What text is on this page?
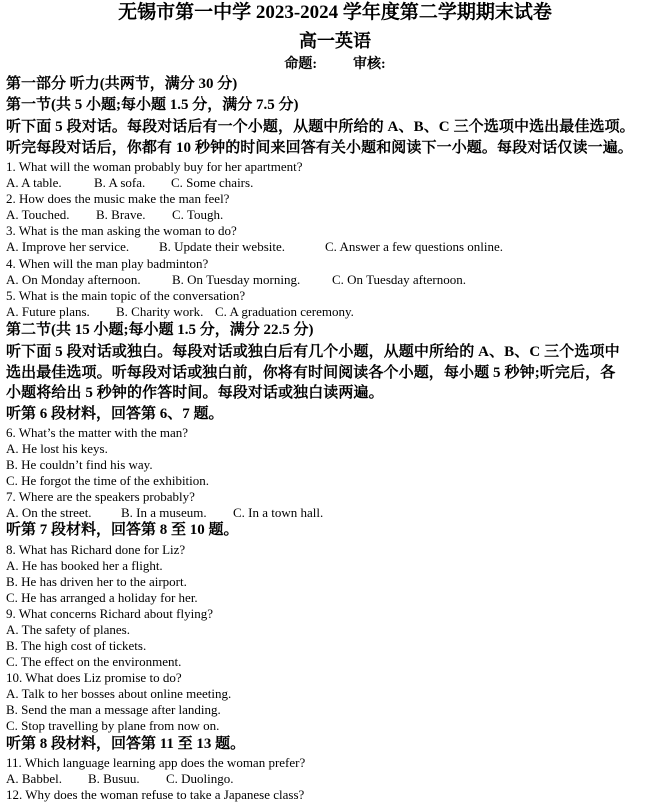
无锡市第一中学 2023-2024 学年度第二学期期末试卷
高一英语
命题:	审核:
第一部分 听力(共两节，满分 30 分)
第一节(共 5 小题;每小题 1.5 分，满分 7.5 分)
听下面 5 段对话。每段对话后有一个小题，从题中所给的 A、B、C 三个选项中选出最佳选项。
听完每段对话后，你都有 10 秒钟的时间来回答有关小题和阅读下一小题。每段对话仅读一遍。
1. What will the woman probably buy for her apartment?
A. A table. B. A sofa. C. Some chairs.
2. How does the music make the man feel?
A. Touched. B. Brave. C. Tough.
3. What is the man asking the woman to do?
A. Improve her service. B. Update their website.	C. Answer a few questions online.
4. When will the man play badminton?
A. On Monday afternoon. B. On Tuesday morning. C. On Tuesday afternoon.
5. What is the main topic of the conversation?
A. Future plans. B. Charity work. C. A graduation ceremony.
第二节(共 15 小题;每小题 1.5 分，满分 22.5 分)
听下面 5 段对话或独白。每段对话或独白后有几个小题，从题中所给的 A、B、C 三个选项中
选出最佳选项。听每段对话或独白前，你将有时间阅读各个小题，每小题 5 秒钟;听完后，各
小题将给出 5 秒钟的作答时间。每段对话或独白读两遍。
听第 6 段材料，回答第 6、7 题。
6. What’s the matter with the man?
A. He lost his keys.
B. He couldn’t find his way.
C. He forgot the time of the exhibition.
7. Where are the speakers probably?
A. On the street. B. In a museum. C. In a town hall.
听第 7 段材料，回答第 8 至 10 题。
8. What has Richard done for Liz?
A. He has booked her a flight.
B. He has driven her to the airport.
C. He has arranged a holiday for her.
9. What concerns Richard about flying?
A. The safety of planes.
B. The high cost of tickets.
C. The effect on the environment.
10. What does Liz promise to do?
A. Talk to her bosses about online meeting.
B. Send the man a message after landing.
C. Stop travelling by plane from now on.
听第 8 段材料，回答第 11 至 13 题。
11. Which language learning app does the woman prefer?
A. Babbel. B. Busuu. C. Duolingo.
12. Why does the woman refuse to take a Japanese class?
